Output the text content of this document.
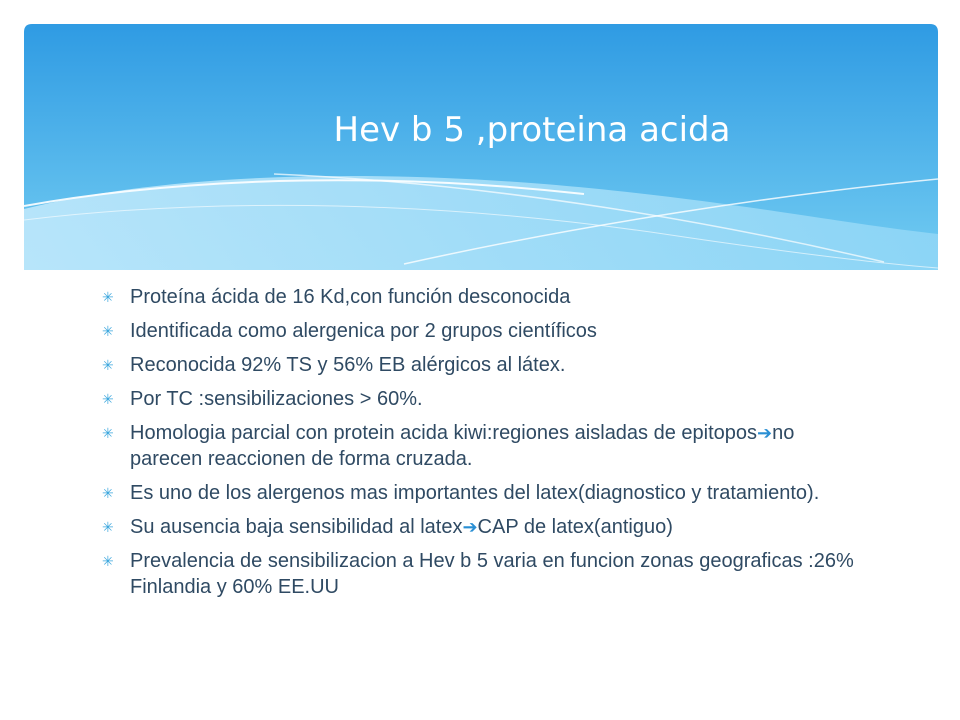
Hev b 5 ,proteina acida
✳ Proteína ácida de 16 Kd,con función desconocida
✳ Identificada como alergenica por 2 grupos científicos
✳ Reconocida 92% TS y 56% EB alérgicos al látex.
✳ Por TC :sensibilizaciones > 60%.
✳ Homologia parcial con protein acida kiwi:regiones aisladas de epitopos➔no parecen reaccionen de forma cruzada.
✳ Es uno de los alergenos mas importantes del latex(diagnostico y tratamiento).
✳ Su ausencia baja sensibilidad al latex➔CAP de latex(antiguo)
✳ Prevalencia de sensibilizacion a Hev b 5 varia en funcion zonas geograficas :26% Finlandia y 60% EE.UU
